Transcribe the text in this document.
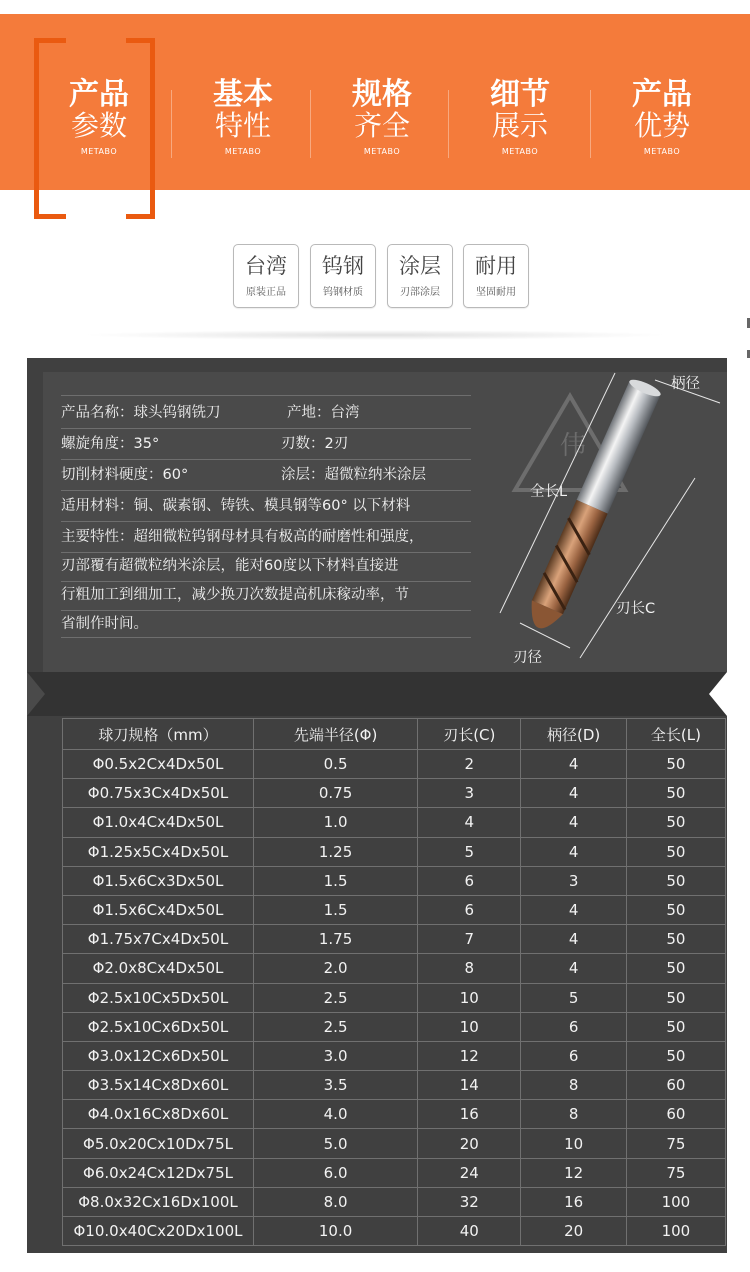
产品
参数
METABO
基本
特性
METABO
规格
齐全
METABO
细节
展示
METABO
产品
优势
METABO
台湾
原装正品
钨钢
钨钢材质
涂层
刃部涂层
耐用
坚固耐用
产品名称：球头钨钢铣刀	产地：台湾
螺旋角度：35°	刃数：2刃
切削材料硬度：60°	涂层：超微粒纳米涂层
适用材料：铜、碳素钢、铸铁、模具钢等60° 以下材料
主要特性：超细微粒钨钢母材具有极高的耐磨性和强度，
刃部覆有超微粒纳米涂层，能对60度以下材料直接进
行粗加工到细加工，减少换刀次数提高机床稼动率，节
省制作时间。
伟
柄径
全长L
刃长C
刃径
球刀规格（mm）	先端半径(Φ)	刃长(C)	柄径(D)	全长(L)
Φ0.5x2Cx4Dx50L	0.5	2	4	50
Φ0.75x3Cx4Dx50L	0.75	3	4	50
Φ1.0x4Cx4Dx50L	1.0	4	4	50
Φ1.25x5Cx4Dx50L	1.25	5	4	50
Φ1.5x6Cx3Dx50L	1.5	6	3	50
Φ1.5x6Cx4Dx50L	1.5	6	4	50
Φ1.75x7Cx4Dx50L	1.75	7	4	50
Φ2.0x8Cx4Dx50L	2.0	8	4	50
Φ2.5x10Cx5Dx50L	2.5	10	5	50
Φ2.5x10Cx6Dx50L	2.5	10	6	50
Φ3.0x12Cx6Dx50L	3.0	12	6	50
Φ3.5x14Cx8Dx60L	3.5	14	8	60
Φ4.0x16Cx8Dx60L	4.0	16	8	60
Φ5.0x20Cx10Dx75L	5.0	20	10	75
Φ6.0x24Cx12Dx75L	6.0	24	12	75
Φ8.0x32Cx16Dx100L	8.0	32	16	100
Φ10.0x40Cx20Dx100L	10.0	40	20	100
